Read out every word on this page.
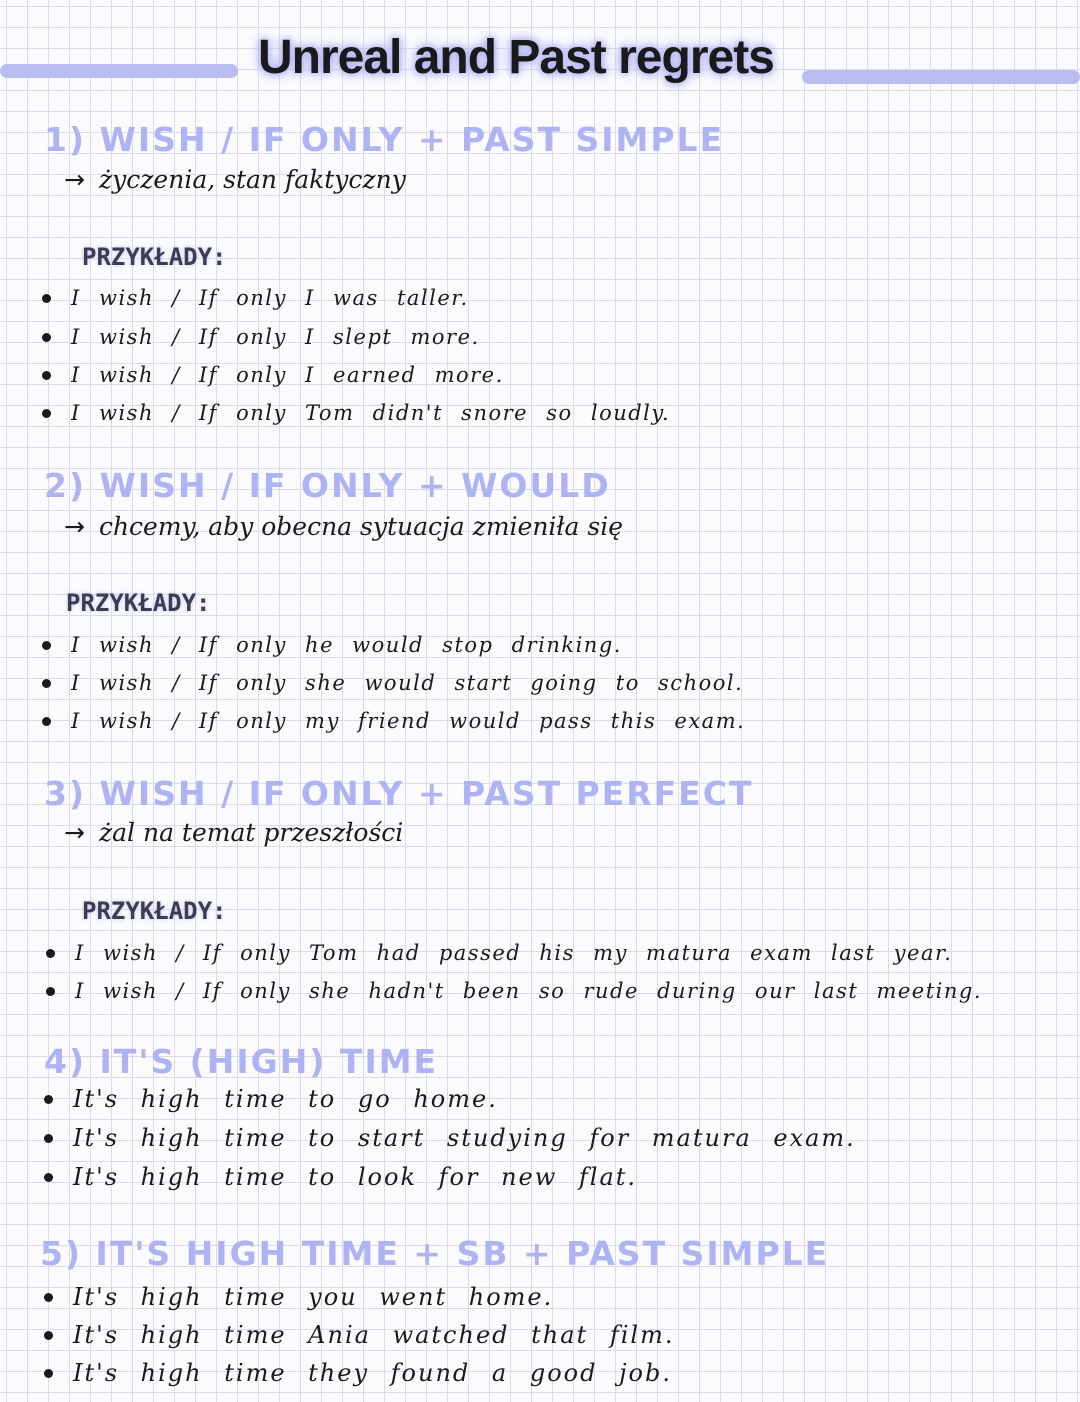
Unreal and Past regrets
1) WISH / IF ONLY + PAST SIMPLE
→ życzenia, stan faktyczny
PRZYKŁADY:
I wish / If only I was taller.
I wish / If only I slept more.
I wish / If only I earned more.
I wish / If only Tom didn't snore so loudly.
2) WISH / IF ONLY + WOULD
→ chcemy, aby obecna sytuacja zmieniła się
PRZYKŁADY:
I wish / If only he would stop drinking.
I wish / If only she would start going to school.
I wish / If only my friend would pass this exam.
3) WISH / IF ONLY + PAST PERFECT
→ żal na temat przeszłości
PRZYKŁADY:
I wish / If only Tom had passed his my matura exam last year.
I wish / If only she hadn't been so rude during our last meeting.
4) IT'S (HIGH) TIME
It's high time to go home.
It's high time to start studying for matura exam.
It's high time to look for new flat.
5) IT'S HIGH TIME + SB + PAST SIMPLE
It's high time you went home.
It's high time Ania watched that film.
It's high time they found a good job.
